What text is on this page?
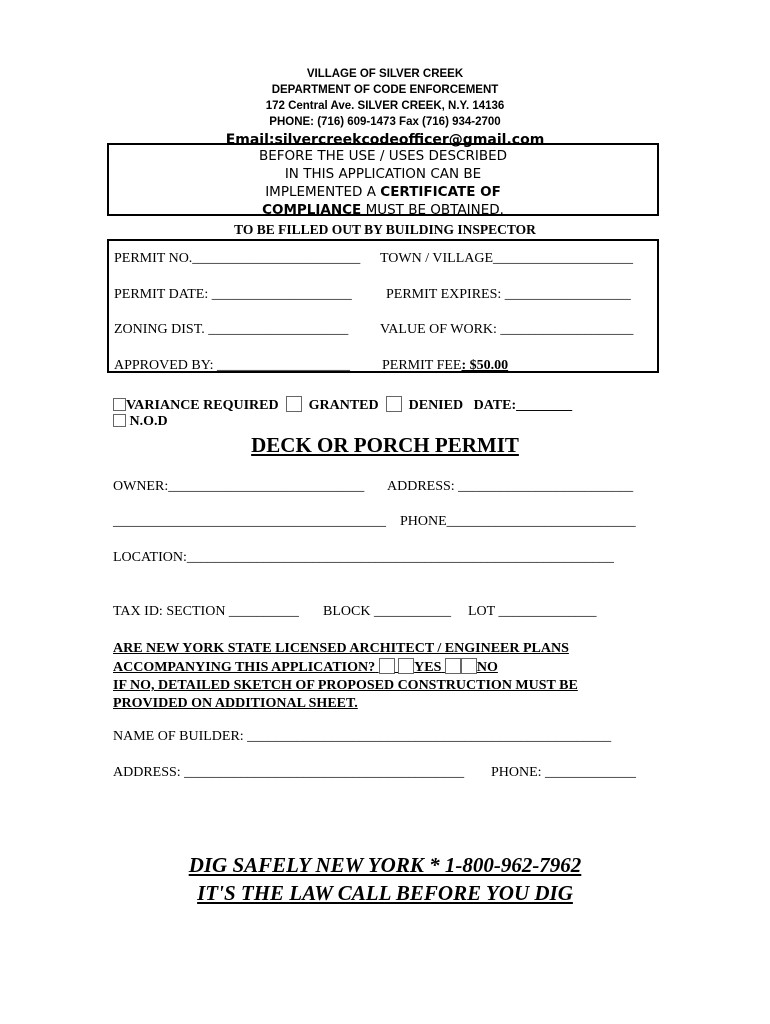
VILLAGE OF SILVER CREEK
DEPARTMENT OF CODE ENFORCEMENT
172 Central Ave. SILVER CREEK, N.Y. 14136
PHONE: (716) 609-1473 Fax (716) 934-2700
Email:silvercreekcodeofficer@gmail.com
BEFORE THE USE / USES DESCRIBED
IN THIS APPLICATION CAN BE
IMPLEMENTED A CERTIFICATE OF
COMPLIANCE MUST BE OBTAINED.
TO BE FILLED OUT BY BUILDING INSPECTOR
PERMIT NO.________________________ TOWN / VILLAGE____________________
PERMIT DATE: ____________________ PERMIT EXPIRES: __________________
ZONING DIST. ____________________ VALUE OF WORK: ___________________
APPROVED BY: ___________________ PERMIT FEE: $50.00
VARIANCE REQUIRED GRANTED DENIED DATE:________
N.O.D
DECK OR PORCH PERMIT
OWNER:____________________________ ADDRESS: _________________________
_______________________________________ PHONE___________________________
LOCATION:_____________________________________________________________
TAX ID: SECTION __________ BLOCK ___________ LOT ______________
ARE NEW YORK STATE LICENSED ARCHITECT / ENGINEER PLANS
ACCOMPANYING THIS APPLICATION?	YES	NO
IF NO, DETAILED SKETCH OF PROPOSED CONSTRUCTION MUST BE
PROVIDED ON ADDITIONAL SHEET.
NAME OF BUILDER: ____________________________________________________
ADDRESS: ________________________________________ PHONE: _____________
DIG SAFELY NEW YORK * 1-800-962-7962
IT'S THE LAW CALL BEFORE YOU DIG
